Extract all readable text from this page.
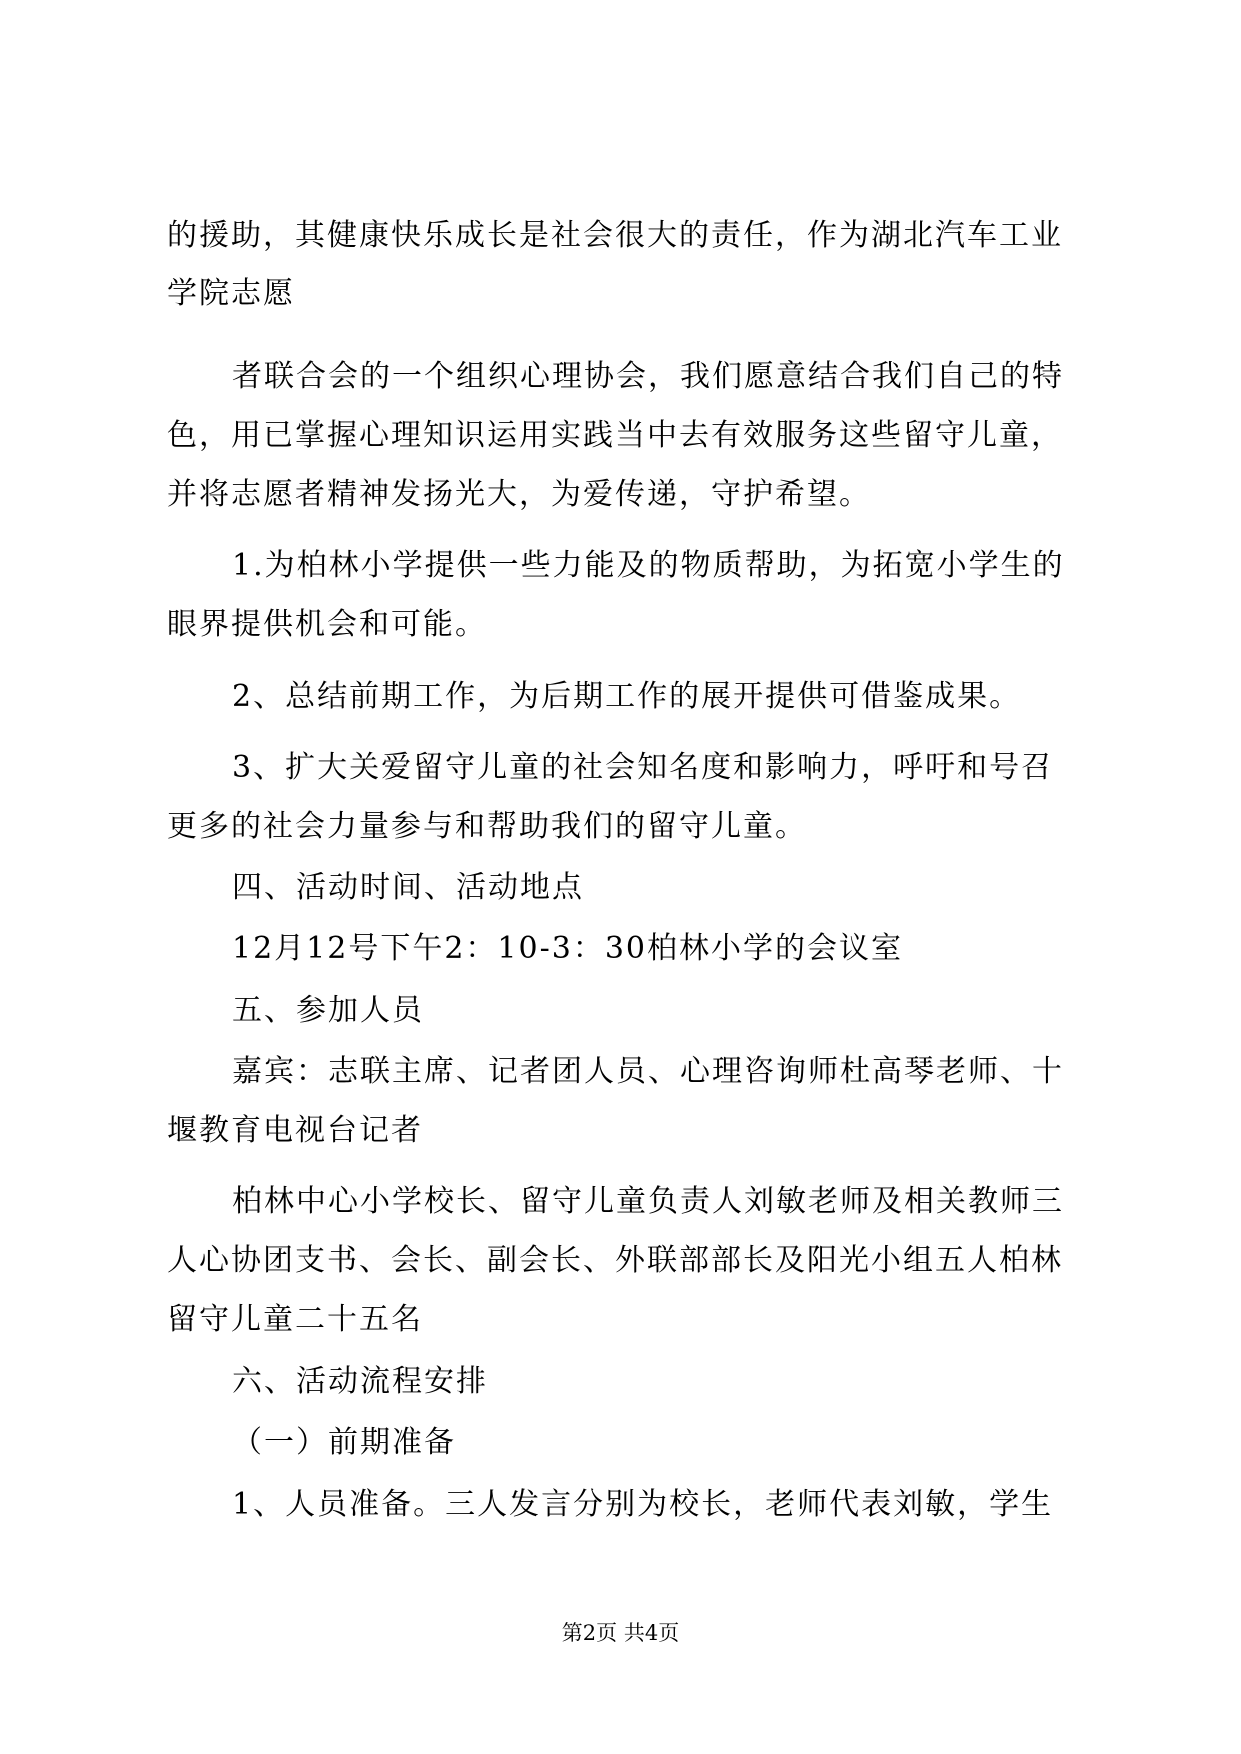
的援助，其健康快乐成长是社会很大的责任，作为湖北汽车工业
学院志愿
者联合会的一个组织心理协会，我们愿意结合我们自己的特
色，用已掌握心理知识运用实践当中去有效服务这些留守儿童，
并将志愿者精神发扬光大，为爱传递，守护希望。
1.为柏林小学提供一些力能及的物质帮助，为拓宽小学生的
眼界提供机会和可能。
2、总结前期工作，为后期工作的展开提供可借鉴成果。
3、扩大关爱留守儿童的社会知名度和影响力，呼吁和号召
更多的社会力量参与和帮助我们的留守儿童。
四、活动时间、活动地点
12月12号下午2：10-3：30柏林小学的会议室
五、参加人员
嘉宾：志联主席、记者团人员、心理咨询师杜高琴老师、十
堰教育电视台记者
柏林中心小学校长、留守儿童负责人刘敏老师及相关教师三
人心协团支书、会长、副会长、外联部部长及阳光小组五人柏林
留守儿童二十五名
六、活动流程安排
（一）前期准备
1、人员准备。三人发言分别为校长，老师代表刘敏，学生
第2页 共4页
